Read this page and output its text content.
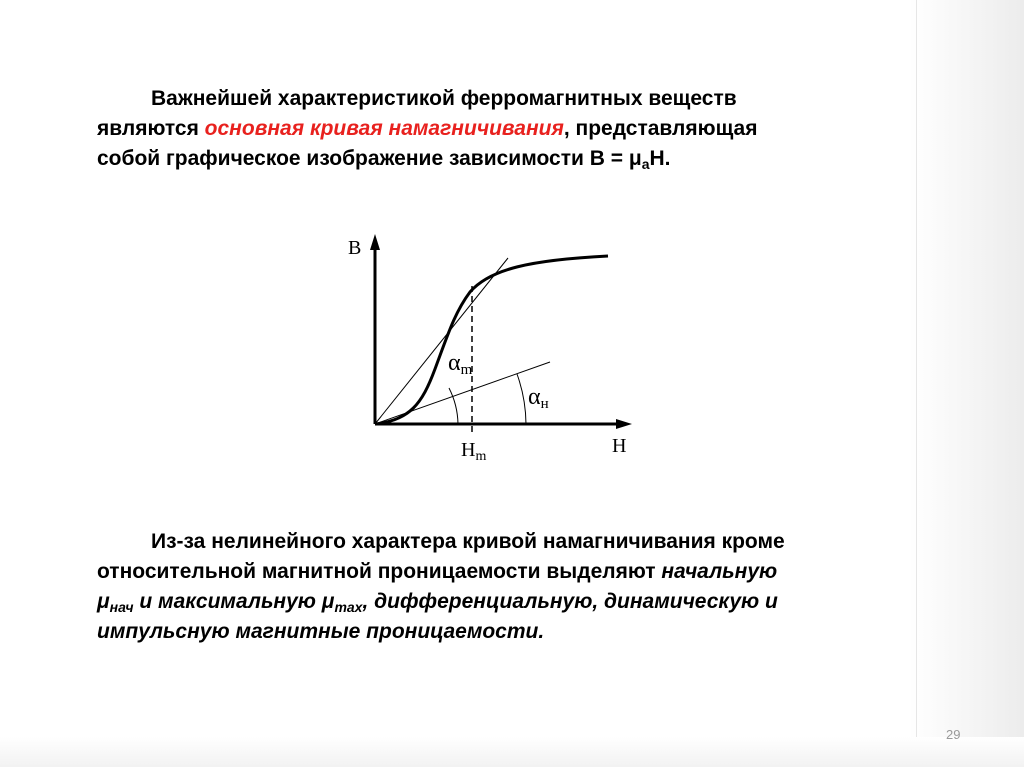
Важнейшей характеристикой ферромагнитных веществ
являются основная кривая намагничивания, представляющая
собой графическое изображение зависимости $B = \mu_аH$.
B
H
$H_m$
αm
αн
Из-за нелинейного характера кривой намагничивания кроме
относительной магнитной проницаемости выделяют начальную
$\mu_{нач}$ и максимальную $\mu_{max}$, дифференциальную, динамическую и
импульсную магнитные проницаемости.
29
